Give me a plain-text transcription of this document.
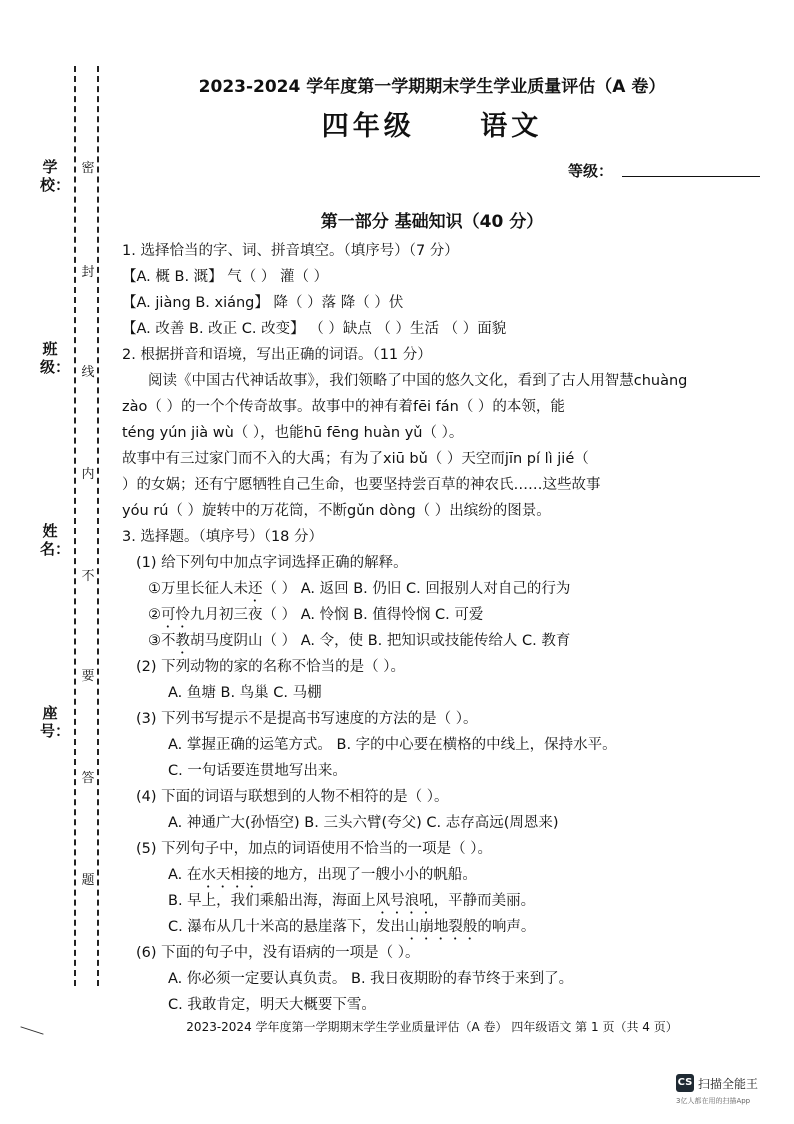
学校：
班级：
姓名：
座号：
密
封
线
内
不
要
答
题
2023-2024 学年度第一学期期末学生学业质量评估（A 卷）
四年级 语文
等级：
第一部分 基础知识（40 分）
1. 选择恰当的字、词、拼音填空。（填序号）（7 分）
【A. 概 B. 溉】 气（ ） 灌（ ）
【A. jiàng B. xiáng】 降（ ）落 降（ ）伏
【A. 改善 B. 改正 C. 改变】 （ ）缺点 （ ）生活 （ ）面貌
2. 根据拼音和语境，写出正确的词语。（11 分）
阅读《中国古代神话故事》，我们领略了中国的悠久文化，看到了古人用智慧chuàng
zào（ ）的一个个传奇故事。故事中的神有着fēi fán（ ）的本领，能
téng yún jià wù（ ），也能hū fēng huàn yǔ（ ）。
故事中有三过家门而不入的大禹；有为了xiū bǔ（ ）天空而jīn pí lì jié（
）的女娲；还有宁愿牺牲自己生命，也要坚持尝百草的神农氏……这些故事
yóu rú（ ）旋转中的万花筒，不断gǔn dòng（ ）出缤纷的图景。
3. 选择题。（填序号）（18 分）
(1) 给下列句中加点字词选择正确的解释。
①万里长征人未还（ ） A. 返回 B. 仍旧 C. 回报别人对自己的行为
②可怜九月初三夜（ ） A. 怜悯 B. 值得怜悯 C. 可爱
③不教胡马度阴山（ ） A. 令，使 B. 把知识或技能传给人 C. 教育
(2) 下列动物的家的名称不恰当的是（ ）。
A. 鱼塘 B. 鸟巢 C. 马棚
(3) 下列书写提示不是提高书写速度的方法的是（ ）。
A. 掌握正确的运笔方式。 B. 字的中心要在横格的中线上，保持水平。
C. 一句话要连贯地写出来。
(4) 下面的词语与联想到的人物不相符的是（ ）。
A. 神通广大(孙悟空) B. 三头六臂(夸父) C. 志存高远(周恩来)
(5) 下列句子中，加点的词语使用不恰当的一项是（ ）。
A. 在水天相接的地方，出现了一艘小小的帆船。
B. 早上，我们乘船出海，海面上风号浪吼，平静而美丽。
C. 瀑布从几十米高的悬崖落下，发出山崩地裂般的响声。
(6) 下面的句子中，没有语病的一项是（ ）。
A. 你必须一定要认真负责。 B. 我日夜期盼的春节终于来到了。
C. 我敢肯定，明天大概要下雪。
2023-2024 学年度第一学期期末学生学业质量评估（A 卷） 四年级语文 第 1 页（共 4 页）
CS 扫描全能王
3亿人都在用的扫描App
